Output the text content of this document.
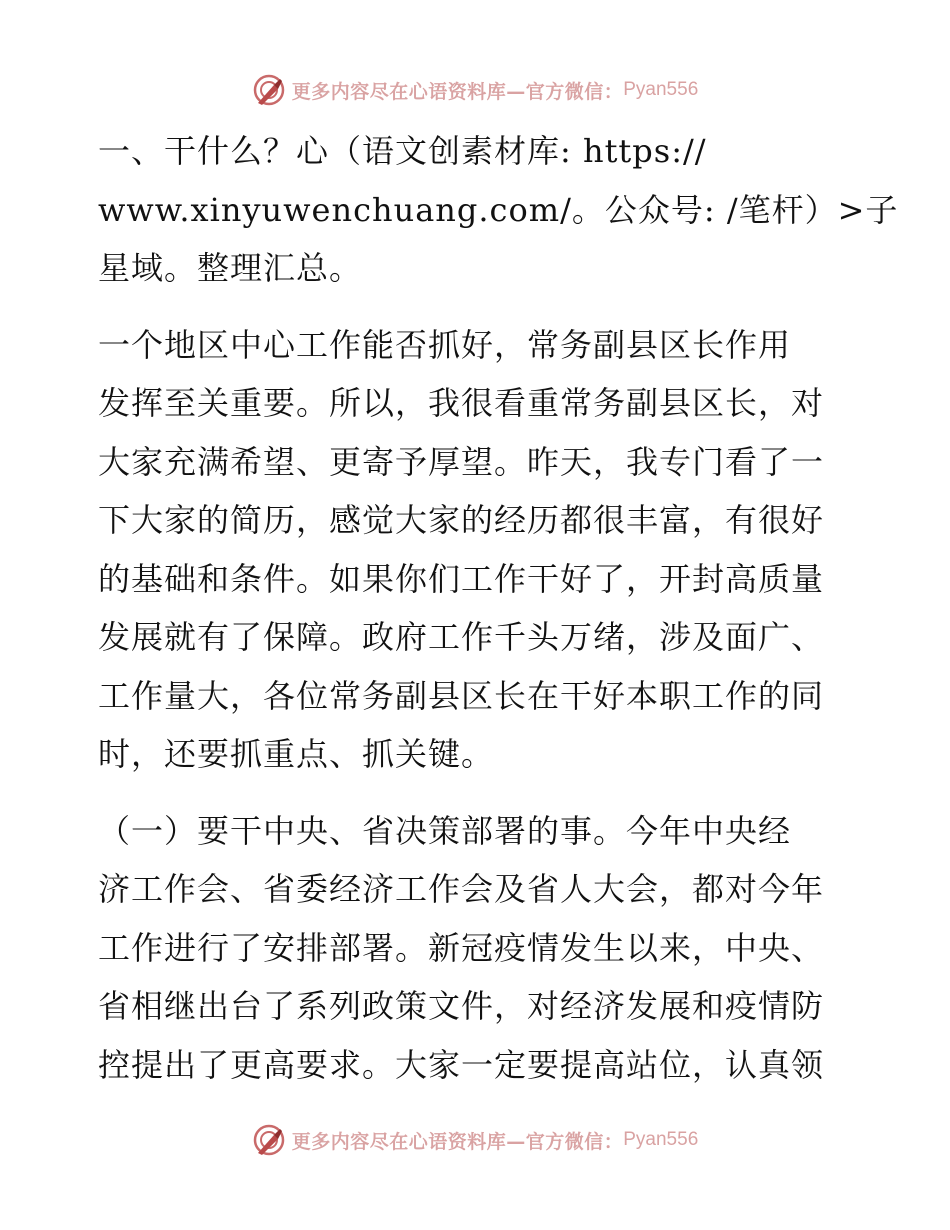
更多内容尽在心语资料库—官方微信： Pyan556

一、干什么？心（语文创素材库: https://
www.xinyuwenchuang.com/。公众号: /笔杆）>子
星域。整理汇总。

一个地区中心工作能否抓好，常务副县区长作用
发挥至关重要。所以，我很看重常务副县区长，对
大家充满希望、更寄予厚望。昨天，我专门看了一
下大家的简历，感觉大家的经历都很丰富，有很好
的基础和条件。如果你们工作干好了，开封高质量
发展就有了保障。政府工作千头万绪，涉及面广、
工作量大，各位常务副县区长在干好本职工作的同
时，还要抓重点、抓关键。

（一）要干中央、省决策部署的事。今年中央经
济工作会、省委经济工作会及省人大会，都对今年
工作进行了安排部署。新冠疫情发生以来，中央、
省相继出台了系列政策文件，对经济发展和疫情防
控提出了更高要求。大家一定要提高站位，认真领

更多内容尽在心语资料库—官方微信： Pyan556
